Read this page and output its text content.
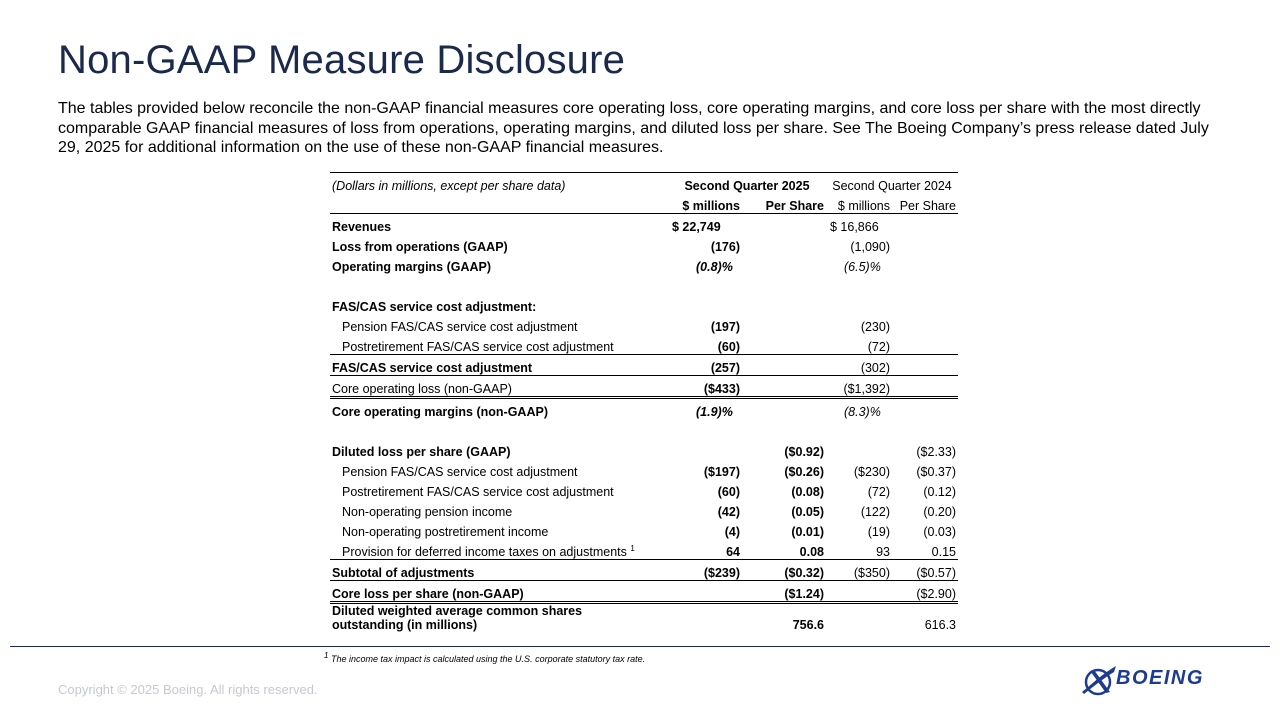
Non-GAAP Measure Disclosure

The tables provided below reconcile the non-GAAP financial measures core operating loss, core operating margins, and core loss per share with the most directly comparable GAAP financial measures of loss from operations, operating margins, and diluted loss per share. See The Boeing Company’s press release dated July 29, 2025 for additional information on the use of these non-GAAP financial measures.

(Dollars in millions, except per share data)	Second Quarter 2025		Second Quarter 2024	
	$ millions	Per Share	$ millions	Per Share
Revenues	$ 22,749		$ 16,866	
Loss from operations (GAAP)	(176)		(1,090)	
Operating margins (GAAP)	(0.8)%		(6.5)%	

FAS/CAS service cost adjustment:				
Pension FAS/CAS service cost adjustment	(197)		(230)	
Postretirement FAS/CAS service cost adjustment	(60)		(72)	
FAS/CAS service cost adjustment	(257)		(302)	
Core operating loss (non-GAAP)	($433)		($1,392)	
Core operating margins (non-GAAP)	(1.9)%		(8.3)%	

Diluted loss per share (GAAP)		($0.92)		($2.33)
Pension FAS/CAS service cost adjustment	($197)	($0.26)	($230)	($0.37)
Postretirement FAS/CAS service cost adjustment	(60)	(0.08)	(72)	(0.12)
Non-operating pension income	(42)	(0.05)	(122)	(0.20)
Non-operating postretirement income	(4)	(0.01)	(19)	(0.03)
Provision for deferred income taxes on adjustments $^1$	64	0.08	93	0.15
Subtotal of adjustments	($239)	($0.32)	($350)	($0.57)
Core loss per share (non-GAAP)		($1.24)		($2.90)
Diluted weighted average common shares
outstanding (in millions)		756.6		616.3
$^1$ The income tax impact is calculated using the U.S. corporate statutory tax rate.
Copyright © 2025 Boeing. All rights reserved.
BOEING
